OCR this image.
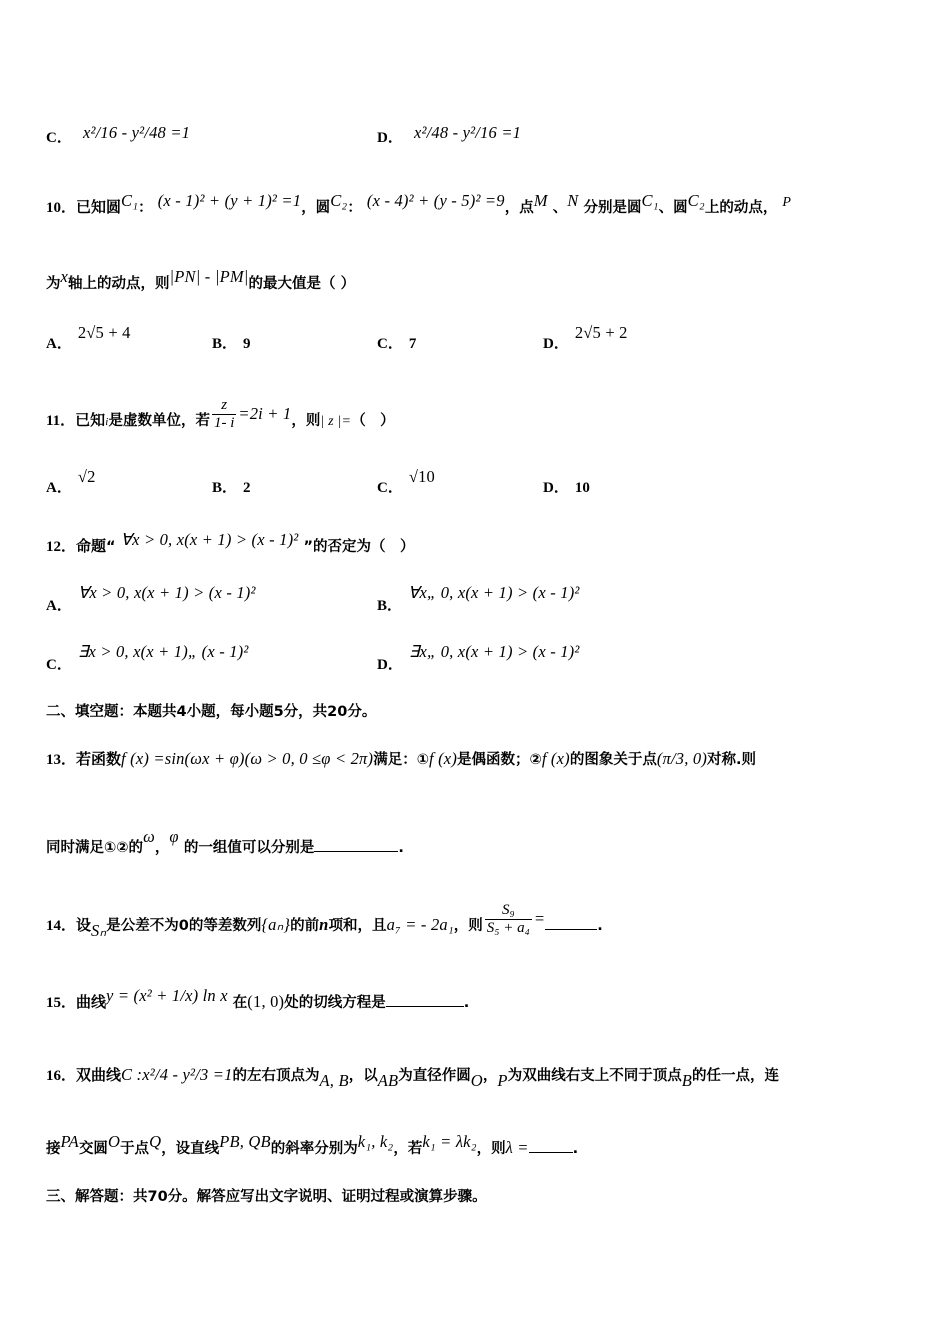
C． x²/16 - y²/48 =1	D． x²/48 - y²/16 =1
10．已知圆C₁： (x - 1)² + (y + 1)² =1，圆C₂： (x - 4)² + (y - 5)² =9，点M 、N 分别是圆C₁、圆C₂上的动点， P
为x轴上的动点，则|PN| - |PM|的最大值是（ ）
A．2√5 + 4
B． 9	C． 7	D．2√5 + 2
11．已知i是虚数单位，若 $\frac{z}{1- i} =2i + 1$，则| z |=（　）
A．√2
B． 2	C．√10
D． 10
12．命题“ ∀x > 0, x(x + 1) > (x - 1)² ”的否定为（　）
A．∀x > 0, x(x + 1) > (x - 1)²
B．∀x„ 0, x(x + 1) > (x - 1)²
C．∃x > 0, x(x + 1)„ (x - 1)²
D．∃x„ 0, x(x + 1) > (x - 1)²
二、填空题：本题共4小题，每小题5分，共20分。
13．若函数f (x) =sin(ωx + φ)(ω > 0, 0 ≤φ < 2π)满足：①f (x)是偶函数；②f (x)的图象关于点(π/3, 0)对称.则
同时满足①②的ω，φ 的一组值可以分别是	.
14．设Sₙ是公差不为0的等差数列{aₙ}的前n项和，且a₇ = - 2a₁，则 $\frac{\text{S₉}}{\text{S₅ + a₄}}$ =	.
15．曲线y = (x² + 1/x) ln x 在(1, 0)处的切线方程是	.
16．双曲线C :x²/4 - y²/3 =1的左右顶点为A, B，以AB为直径作圆O，P为双曲线右支上不同于顶点B的任一点，连
接PA交圆O于点Q，设直线PB, QB的斜率分别为k₁, k₂，若k₁ = λk₂，则λ =	.
三、解答题：共70分。解答应写出文字说明、证明过程或演算步骤。
